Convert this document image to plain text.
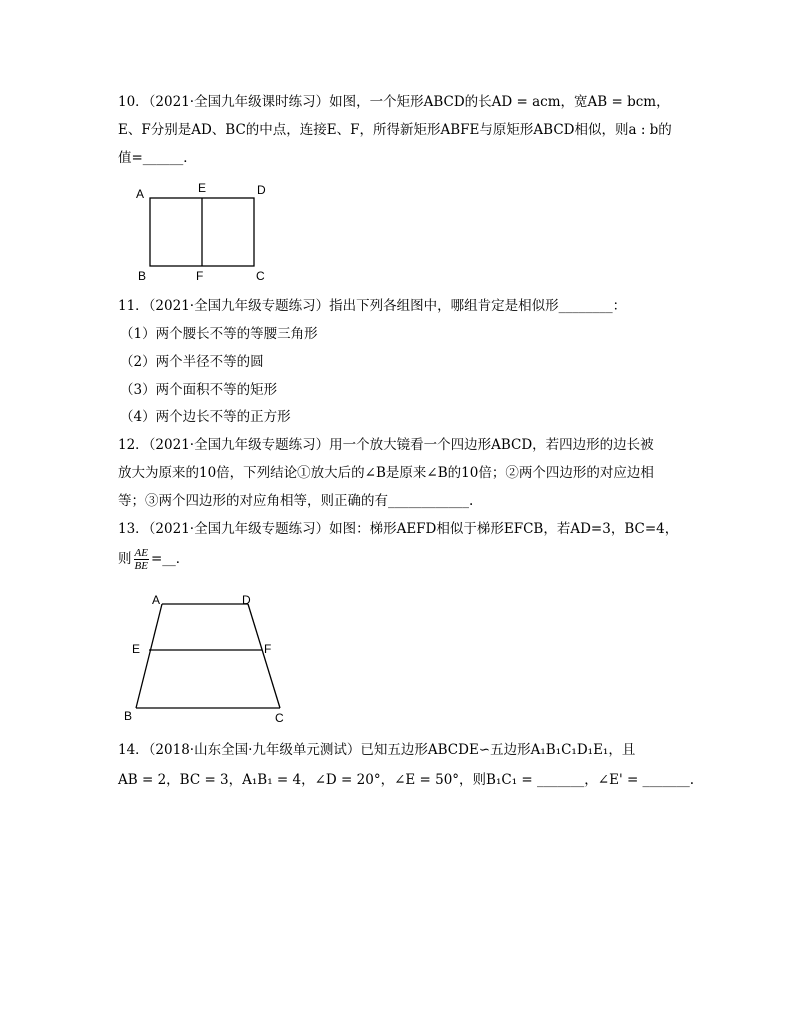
10．（2021·全国九年级课时练习）如图，一个矩形ABCD的长AD = acm，宽AB = bcm，
E、F分别是AD、BC的中点，连接E、F，所得新矩形ABFE与原矩形ABCD相似，则a : b的
值=______．
A	E	D
B	F	C
11．（2021·全国九年级专题练习）指出下列各组图中，哪组肯定是相似形________：
（1）两个腰长不等的等腰三角形
（2）两个半径不等的圆
（3）两个面积不等的矩形
（4）两个边长不等的正方形
12．（2021·全国九年级专题练习）用一个放大镜看一个四边形ABCD，若四边形的边长被
放大为原来的10倍，下列结论①放大后的∠B是原来∠B的10倍；②两个四边形的对应边相
等；③两个四边形的对应角相等，则正确的有____________.
13．（2021·全国九年级专题练习）如图：梯形AEFD相似于梯形EFCB，若AD=3，BC=4，
则 $\frac{AE}{BE}$ =__．
A	D
E	F
B	C
14．（2018·山东全国·九年级单元测试）已知五边形ABCDE∽五边形A₁B₁C₁D₁E₁，且
AB = 2，BC = 3，A₁B₁ = 4，∠D = 20°，∠E = 50°，则B₁C₁ = _______，∠E' = _______.
